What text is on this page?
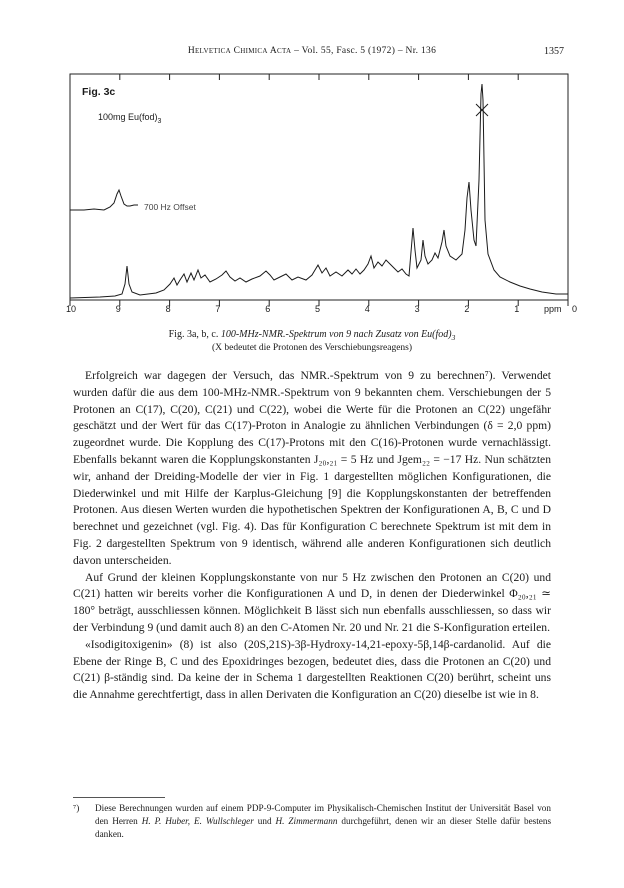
Helvetica Chimica Acta – Vol. 55, Fasc. 5 (1972) – Nr. 136	1357
Fig. 3c
100mg $Eu(fod)_3$
700 Hz Offset
10	9	8	7	6	5	4	3	2	1	0
ppm
Fig. 3a, b, c. 100-MHz-NMR.-Spektrum von 9 nach Zusatz von $Eu(fod)_3$
(X bedeutet die Protonen des Verschiebungsreagens)

Erfolgreich war dagegen der Versuch, das NMR.-Spektrum von 9 zu berechnen⁷). Verwendet wurden dafür die aus dem 100-MHz-NMR.-Spektrum von 9 bekannten chem. Verschiebungen der 5 Protonen an C(17), C(20), C(21) und C(22), wobei die Werte für die Protonen an C(22) ungefähr geschätzt und der Wert für das C(17)-Proton in Analogie zu ähnlichen Verbindungen (δ = 2,0 ppm) zugeordnet wurde. Die Kopplung des C(17)-Protons mit den C(16)-Protonen wurde vernachlässigt. Ebenfalls bekannt waren die Kopplungskonstanten J₂₀,₂₁ = 5 Hz und Jgem₂₂ = −17 Hz. Nun schätzten wir, anhand der Dreiding-Modelle der vier in Fig. 1 dargestellten möglichen Konfigurationen, die Diederwinkel und mit Hilfe der Karplus-Gleichung [9] die Kopplungskonstanten der betreffenden Protonen. Aus diesen Werten wurden die hypothetischen Spektren der Konfigurationen A, B, C und D berechnet und gezeichnet (vgl. Fig. 4). Das für Konfiguration C berechnete Spektrum ist mit dem in Fig. 2 dargestellten Spektrum von 9 identisch, während alle anderen Konfigurationen sich deutlich davon unterscheiden.

Auf Grund der kleinen Kopplungskonstante von nur 5 Hz zwischen den Protonen an C(20) und C(21) hatten wir bereits vorher die Konfigurationen A und D, in denen der Diederwinkel Φ₂₀,₂₁ ≃ 180° beträgt, ausschliessen können. Möglichkeit B lässt sich nun ebenfalls ausschliessen, so dass wir der Verbindung 9 (und damit auch 8) an den C-Atomen Nr. 20 und Nr. 21 die S-Konfiguration erteilen.

«Isodigitoxigenin» (8) ist also (20S,21S)-3β-Hydroxy-14,21-epoxy-5β,14β-cardanolid. Auf die Ebene der Ringe B, C und des Epoxidringes bezogen, bedeutet dies, dass die Protonen an C(20) und C(21) β-ständig sind. Da keine der in Schema 1 dargestellten Reaktionen C(20) berührt, scheint uns die Annahme gerechtfertigt, dass in allen Derivaten die Konfiguration an C(20) dieselbe ist wie in 8.

⁷) Diese Berechnungen wurden auf einem PDP-9-Computer im Physikalisch-Chemischen Institut der Universität Basel von den Herren H. P. Huber, E. Wullschleger und H. Zimmermann durchgeführt, denen wir an dieser Stelle dafür bestens danken.
